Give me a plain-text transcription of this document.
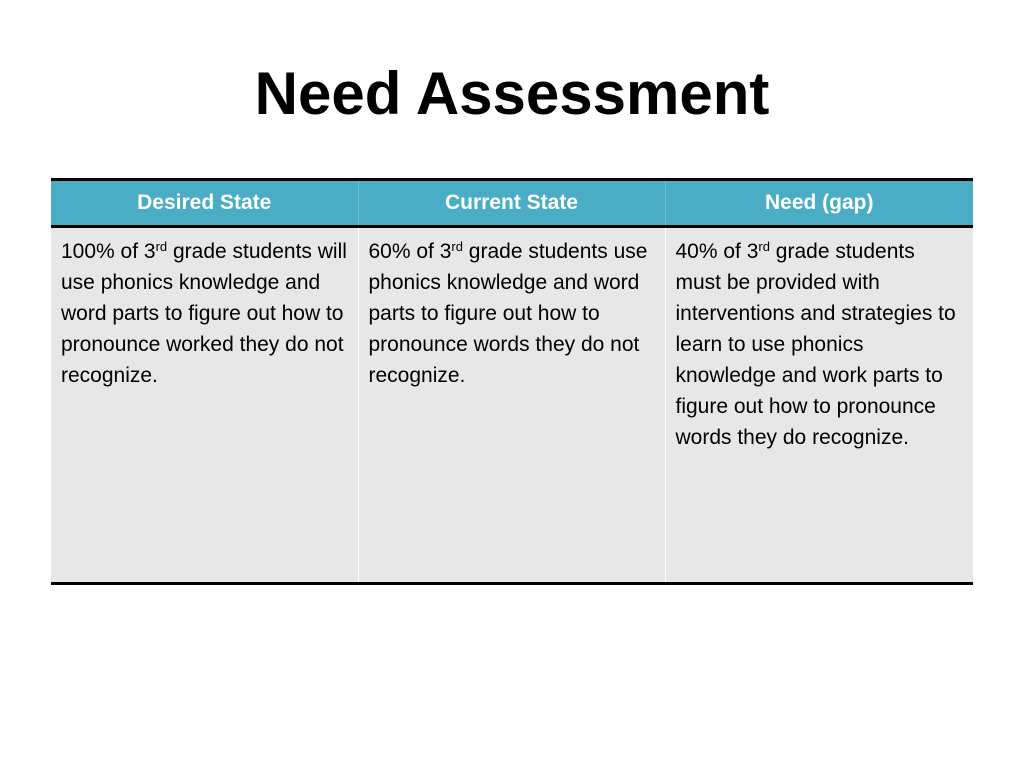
Need Assessment
Desired State	Current State	Need (gap)
100% of 3rd grade students will use phonics knowledge and word parts to figure out how to pronounce worked they do not recognize.	60% of 3rd grade students use phonics knowledge and word parts to figure out how to pronounce words they do not recognize.	40% of 3rd grade students must be provided with interventions and strategies to learn to use phonics knowledge and work parts to figure out how to pronounce words they do recognize.
